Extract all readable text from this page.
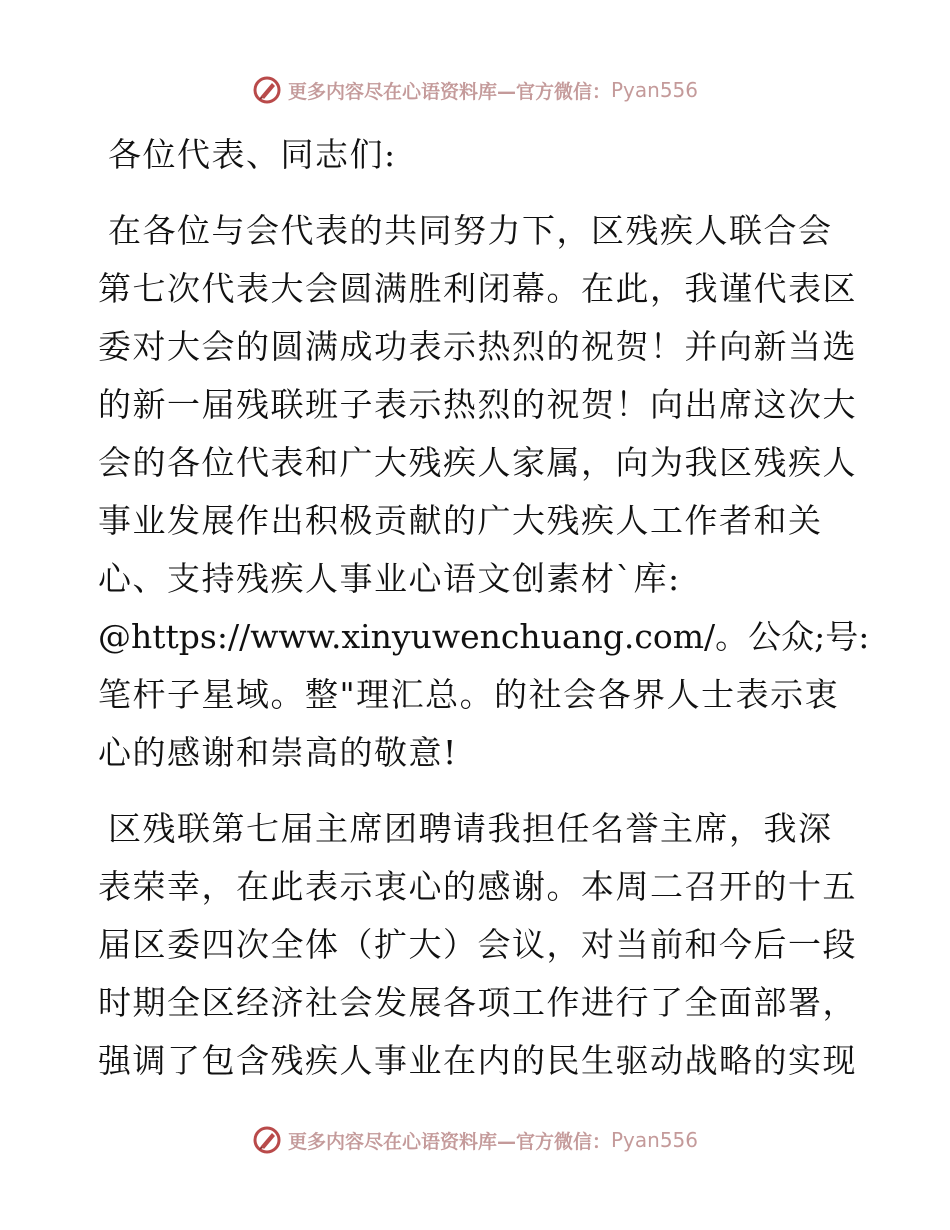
更多内容尽在心语资料库—官方微信： Pyan556
各位代表、同志们:
在各位与会代表的共同努力下，区残疾人联合会
第七次代表大会圆满胜利闭幕。在此，我谨代表区
委对大会的圆满成功表示热烈的祝贺！并向新当选
的新一届残联班子表示热烈的祝贺！向出席这次大
会的各位代表和广大残疾人家属，向为我区残疾人
事业发展作出积极贡献的广大残疾人工作者和关
心、支持残疾人事业心语文创素材`库:
@https://www.xinyuwenchuang.com/。公众;号:
笔杆子星域。整"理汇总。的社会各界人士表示衷
心的感谢和崇高的敬意!
区残联第七届主席团聘请我担任名誉主席，我深
表荣幸，在此表示衷心的感谢。本周二召开的十五
届区委四次全体（扩大）会议，对当前和今后一段
时期全区经济社会发展各项工作进行了全面部署，
强调了包含残疾人事业在内的民生驱动战略的实现
更多内容尽在心语资料库—官方微信： Pyan556
